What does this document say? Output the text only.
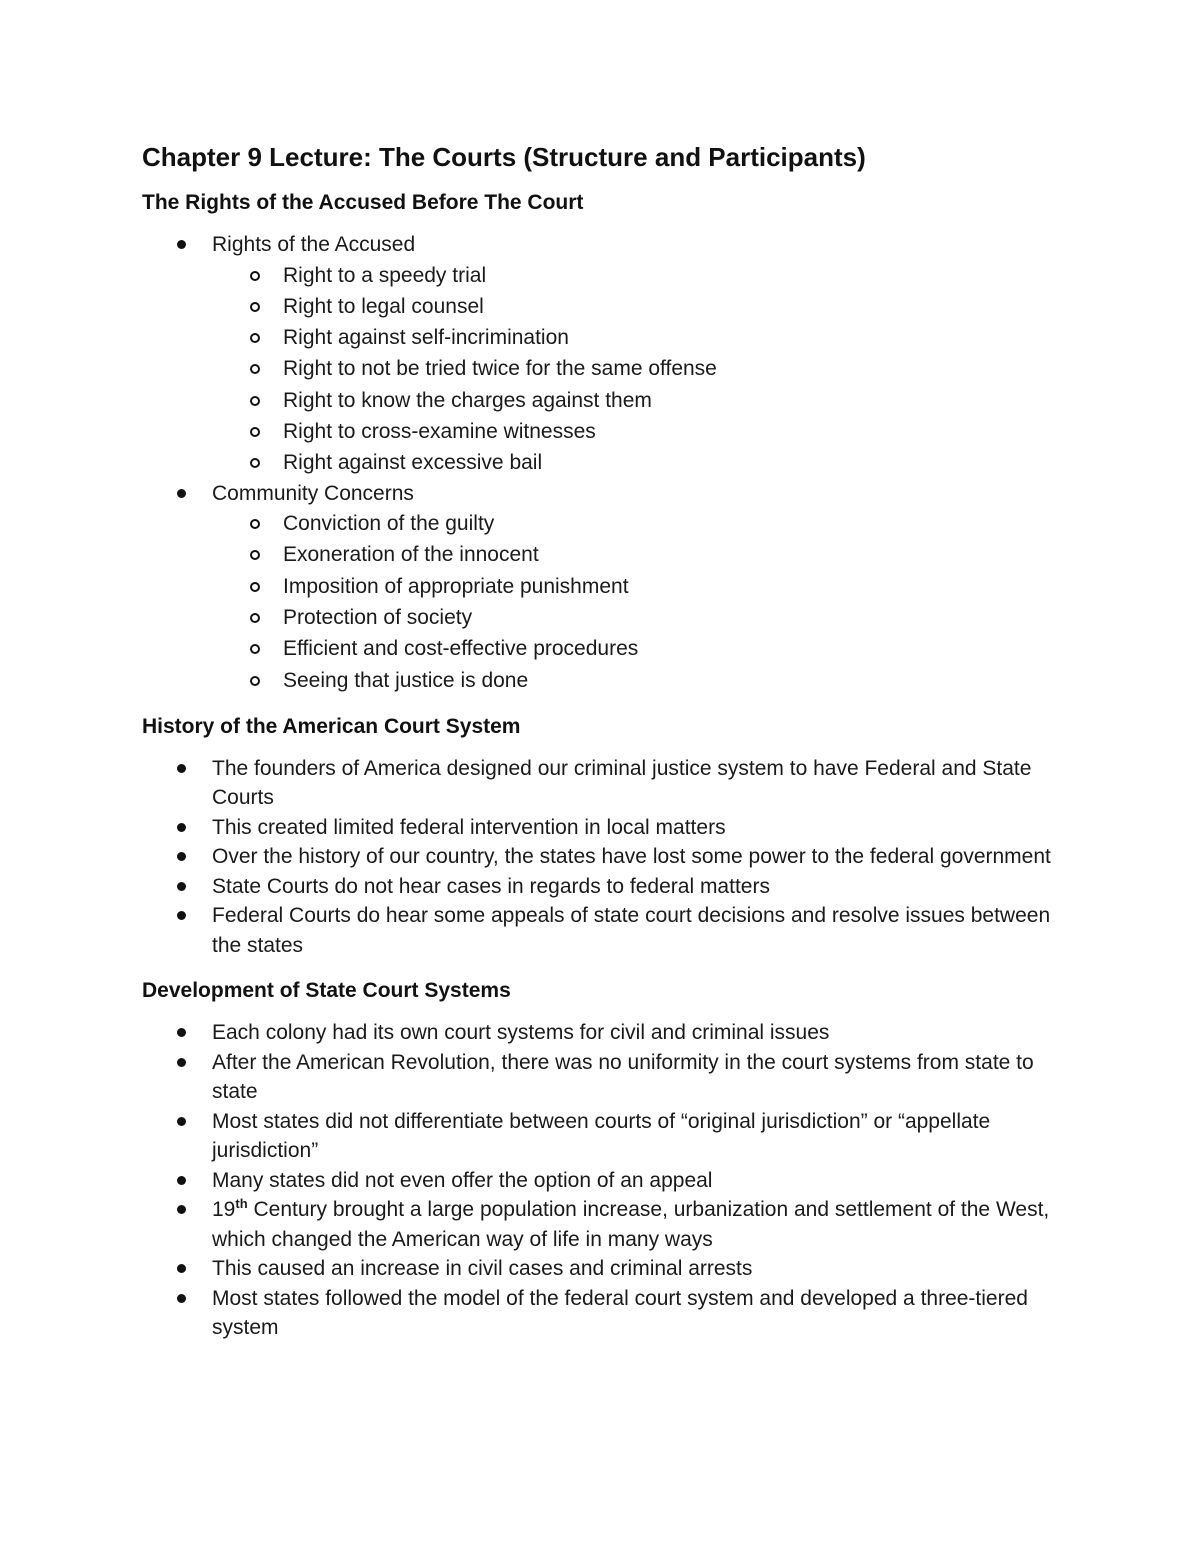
Chapter 9 Lecture: The Courts (Structure and Participants)
The Rights of the Accused Before The Court
Rights of the Accused
Right to a speedy trial
Right to legal counsel
Right against self-incrimination
Right to not be tried twice for the same offense
Right to know the charges against them
Right to cross-examine witnesses
Right against excessive bail
Community Concerns
Conviction of the guilty
Exoneration of the innocent
Imposition of appropriate punishment
Protection of society
Efficient and cost-effective procedures
Seeing that justice is done
History of the American Court System
The founders of America designed our criminal justice system to have Federal and State Courts
This created limited federal intervention in local matters
Over the history of our country, the states have lost some power to the federal government
State Courts do not hear cases in regards to federal matters
Federal Courts do hear some appeals of state court decisions and resolve issues between the states
Development of State Court Systems
Each colony had its own court systems for civil and criminal issues
After the American Revolution, there was no uniformity in the court systems from state to state
Most states did not differentiate between courts of “original jurisdiction” or “appellate jurisdiction”
Many states did not even offer the option of an appeal
19th Century brought a large population increase, urbanization and settlement of the West, which changed the American way of life in many ways
This caused an increase in civil cases and criminal arrests
Most states followed the model of the federal court system and developed a three-tiered system
